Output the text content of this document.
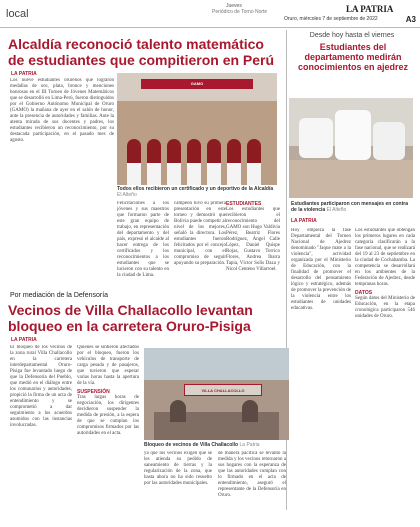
local
Jueves
Periódico de Torno Norte	LA PATRIA
Oruro, miércoles 7 de septiembre de 2022	A3
Alcaldía reconoció talento matemático de estudiantes que compitieron en Perú
LA PATRIA
Los nueve estudiantes orureños que lograron medallas de oro, plata, bronce y menciones honrosas en el III Torneo de Jóvenes Matemáticos que se desarrolló en Lima-Perú, fueron distinguidos por el Gobierno Autónomo Municipal de Oruro (GAMO) la mañana de ayer en el salón de honor, ante la presencia de autoridades y familias. Ante la atenta mirada de sus docentes y padres, los estudiantes recibieron un reconocimiento, por su destacada participación, en el pasado mes de agosto.
GAMO
Todos ellos recibieron un certificado y un deportivo de la Alcaldía El Alteño
Felicitaciones a los jóvenes y sus maestros que formaron parte de este gran equipo de trabajo, en representación del departamento y del país, expresó el alcalde al hacer entrega de los certificados y los reconocimientos a los estudiantes que se lucieron con su talento en la ciudad de Lima.
campeón tuvo su primera presentación en este torneo y demostró que Bolivia puede competir al nivel de los mejores, señaló la directora. Los estudiantes fueron felicitados por el concejo municipal, con el compromiso de seguir apoyando su preparación.
ESTUDIANTES
Los estudiantes que recibieron el reconocimiento del GAMO son Hugo Valdivia Pérez, Beatriz Flores Rodríguez, Ángel Calle López, Daniel Quispe Rojas, Gustavo Torrico Flores, Andrea Ibarra Tapia, Víctor Solís Daza y Nicol Centeno Villarroel.
Desde hoy hasta el viernes
Estudiantes del departamento medirán conocimientos en ajedrez
Estudiantes participaron con mensajes en contra de la violencia El Alteño
LA PATRIA
Hoy empieza la fase Departamental del Torneo Nacional de Ajedrez denominado "Jaque mate a la violencia", actividad organizada por el Ministerio de Educación, con la finalidad de promover el desarrollo del pensamiento lógico y estratégico, además de promover la prevención de la violencia entre los estudiantes de unidades educativas.
Los estudiantes que obtengan los primeros lugares en cada categoría clasificarán a la fase nacional, que se realizará del 19 al 23 de septiembre en la ciudad de Cochabamba. La competencia se desarrollará en los ambientes de la Federación de Ajedrez, desde tempranas horas.
DATOS
Según datos del Ministerio de Educación, en la etapa cronológica participaron 546 unidades de Oruro.
Por mediación de la Defensoría
Vecinos de Villa Challacollo levantan bloqueo en la carretera Oruro-Pisiga
LA PATRIA
El bloqueo de los vecinos de la zona rural Villa Challacollo en la carretera interdepartamental Oruro-Pisiga fue levantado luego de que la Defensoría del Pueblo, que medió en el diálogo entre los comunarios y autoridades, propició la firma de un acta de entendimiento y se comprometió a dar seguimiento a los acuerdos asumidos con las instancias involucradas.
Quienes se sintieron afectados por el bloqueo, fueron los vehículos de transporte de carga pesada y de pasajeros, que tuvieron que esperar varias horas hasta la apertura de la vía.
SUSPENSIÓN
Tras largas horas de negociación, los dirigentes decidieron suspender la medida de presión, a la espera de que se cumplan los compromisos firmados por las autoridades en el acta.
VILLA CHALLACOLLO
Bloqueo de vecinos de Villa Challacollo La Patria
ya que los vecinos exigen que se les atienda su pedido de saneamiento de tierras y la regularización de la zona, que hasta ahora no ha sido resuelto por las autoridades municipales.
de manera pacífica se levantó la medida y los vecinos retornaron a sus hogares con la esperanza de que las autoridades cumplan con lo firmado en el acta de entendimiento, aseguró el representante de la Defensoría en Oruro.
